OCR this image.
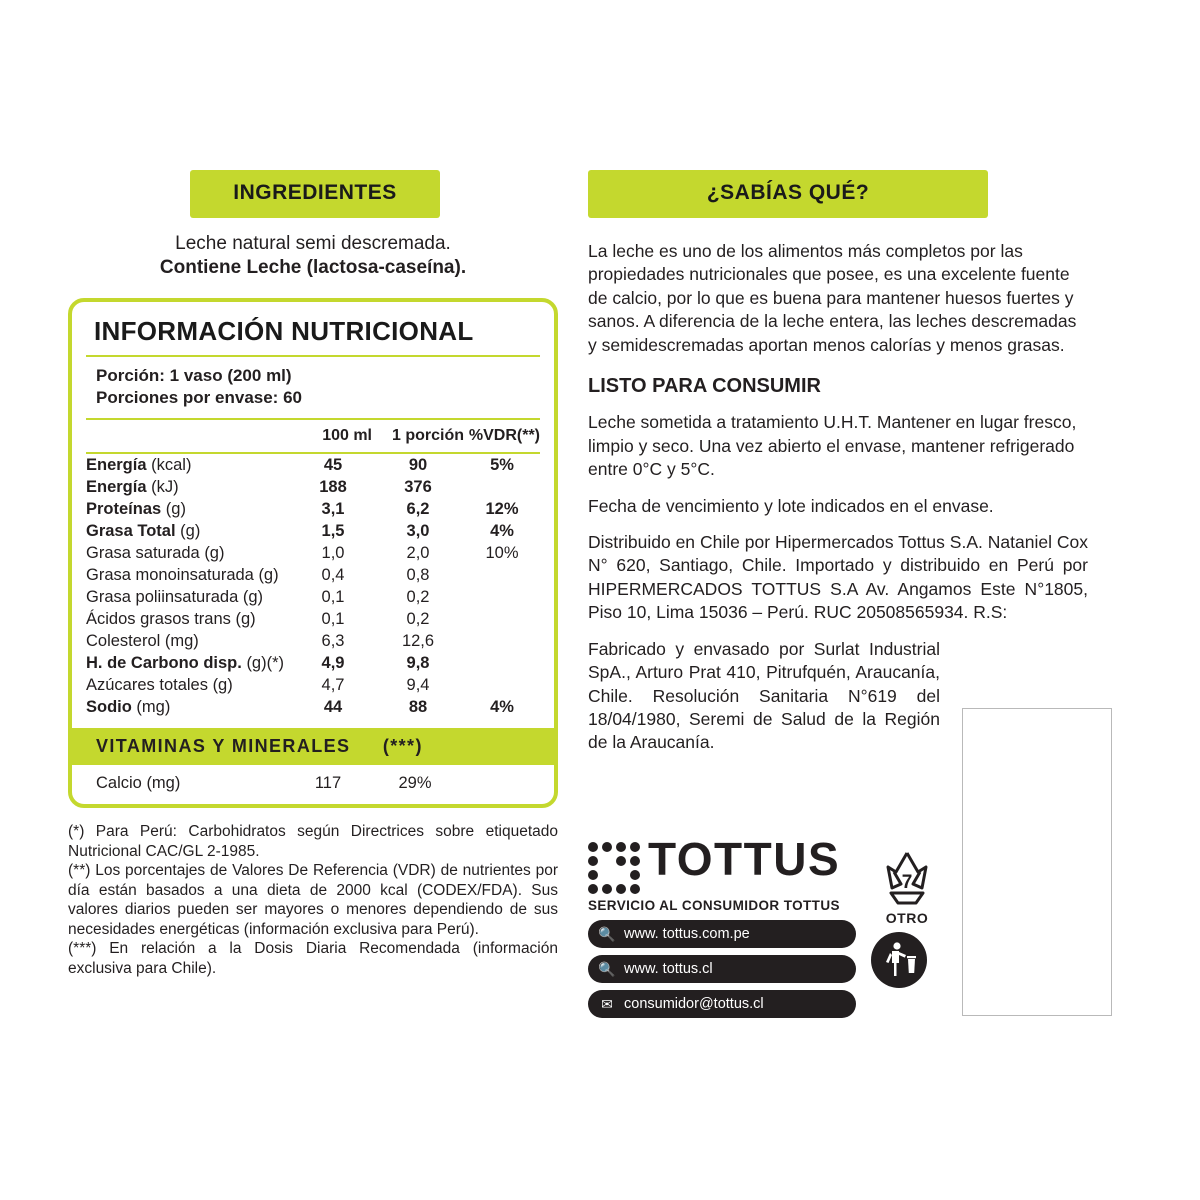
INGREDIENTES
Leche natural semi descremada.
Contiene Leche (lactosa-caseína).
INFORMACIÓN NUTRICIONAL
Porción: 1 vaso (200 ml)
Porciones por envase: 60
	100 ml	1 porción	%VDR(**)
Energía (kcal)	45	90	5%
Energía (kJ)	188	376	
Proteínas (g)	3,1	6,2	12%
Grasa Total (g)	1,5	3,0	4%
Grasa saturada (g)	1,0	2,0	10%
Grasa monoinsaturada (g)	0,4	0,8	
Grasa poliinsaturada (g)	0,1	0,2	
Ácidos grasos trans (g)	0,1	0,2	
Colesterol (mg)	6,3	12,6	
H. de Carbono disp. (g)(*)	4,9	9,8	
Azúcares totales (g)	4,7	9,4	
Sodio (mg)	44	88	4%
VITAMINAS Y MINERALES (***)
Calcio (mg)	117	29%	

(*) Para Perú: Carbohidratos según Directrices sobre etiquetado Nutricional CAC/GL 2-1985.

(**) Los porcentajes de Valores De Referencia (VDR) de nutrientes por día están basados a una dieta de 2000 kcal (CODEX/FDA). Sus valores diarios pueden ser mayores o menores dependiendo de sus necesidades energéticas (información exclusiva para Perú).

(***) En relación a la Dosis Diaria Recomendada (información exclusiva para Chile).

¿SABÍAS QUÉ?
La leche es uno de los alimentos más completos por las propiedades nutricionales que posee, es una excelente fuente de calcio, por lo que es buena para mantener huesos fuertes y sanos. A diferencia de la leche entera, las leches descremadas y semidescremadas aportan menos calorías y menos grasas.
LISTO PARA CONSUMIR
Leche sometida a tratamiento U.H.T. Mantener en lugar fresco, limpio y seco. Una vez abierto el envase, mantener refrigerado entre 0°C y 5°C.
Fecha de vencimiento y lote indicados en el envase.
Distribuido en Chile por Hipermercados Tottus S.A. Nataniel Cox N° 620, Santiago, Chile. Importado y distribuido en Perú por HIPERMERCADOS TOTTUS S.A Av. Angamos Este N°1805, Piso 10, Lima 15036 – Perú. RUC 20508565934. R.S:
Fabricado y envasado por Surlat Industrial SpA., Arturo Prat 410, Pitrufquén, Araucanía, Chile. Resolución Sanitaria N°619 del 18/04/1980, Seremi de Salud de la Región de la Araucanía.
TOTTUS
SERVICIO AL CONSUMIDOR TOTTUS
🔍 www. tottus.com.pe
🔍 www. tottus.cl
✉ consumidor@tottus.cl
7
OTRO
